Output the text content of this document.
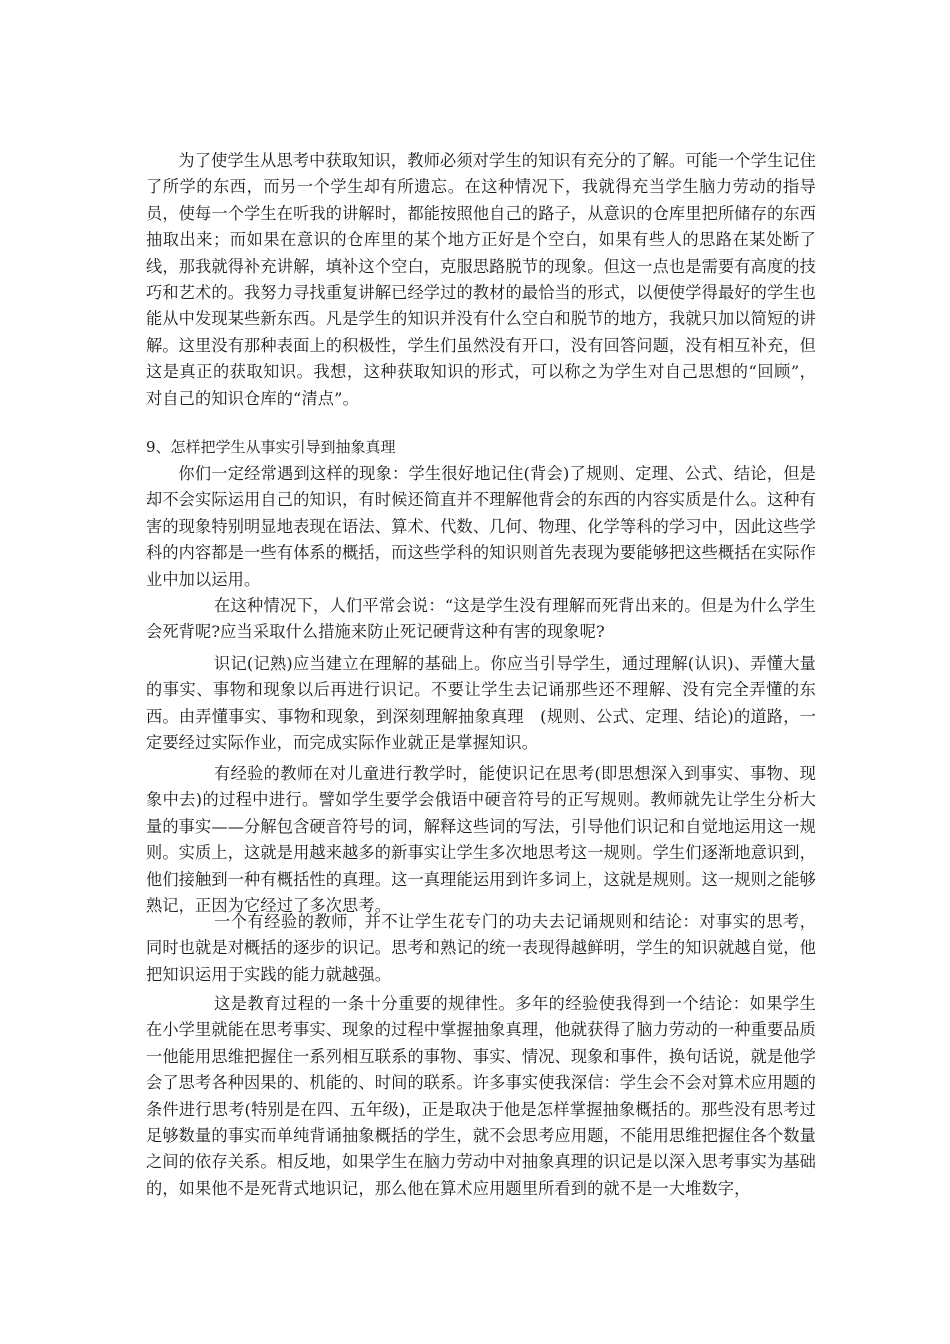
为了使学生从思考中获取知识，教师必须对学生的知识有充分的了解。可能一个学生记住了所学的东西，而另一个学生却有所遗忘。在这种情况下，我就得充当学生脑力劳动的指导员，使每一个学生在听我的讲解时，都能按照他自己的路子，从意识的仓库里把所储存的东西抽取出来；而如果在意识的仓库里的某个地方正好是个空白，如果有些人的思路在某处断了线，那我就得补充讲解，填补这个空白，克服思路脱节的现象。但这一点也是需要有高度的技巧和艺术的。我努力寻找重复讲解已经学过的教材的最恰当的形式，以便使学得最好的学生也能从中发现某些新东西。凡是学生的知识并没有什么空白和脱节的地方，我就只加以简短的讲解。这里没有那种表面上的积极性，学生们虽然没有开口，没有回答问题，没有相互补充，但这是真正的获取知识。我想，这种获取知识的形式，可以称之为学生对自己思想的“回顾”，对自己的知识仓库的“清点”。

9、怎样把学生从事实引导到抽象真理

你们一定经常遇到这样的现象：学生很好地记住(背会)了规则、定理、公式、结论，但是却不会实际运用自己的知识，有时候还简直并不理解他背会的东西的内容实质是什么。这种有害的现象特别明显地表现在语法、算术、代数、几何、物理、化学等科的学习中，因此这些学科的内容都是一些有体系的概括，而这些学科的知识则首先表现为要能够把这些概括在实际作业中加以运用。

在这种情况下，人们平常会说：“这是学生没有理解而死背出来的。但是为什么学生会死背呢?应当采取什么措施来防止死记硬背这种有害的现象呢?

识记(记熟)应当建立在理解的基础上。你应当引导学生，通过理解(认识)、弄懂大量的事实、事物和现象以后再进行识记。不要让学生去记诵那些还不理解、没有完全弄懂的东西。由弄懂事实、事物和现象，到深刻理解抽象真理　(规则、公式、定理、结论)的道路，一定要经过实际作业，而完成实际作业就正是掌握知识。

有经验的教师在对儿童进行教学时，能使识记在思考(即思想深入到事实、事物、现象中去)的过程中进行。譬如学生要学会俄语中硬音符号的正写规则。教师就先让学生分析大量的事实——分解包含硬音符号的词，解释这些词的写法，引导他们识记和自觉地运用这一规则。实质上，这就是用越来越多的新事实让学生多次地思考这一规则。学生们逐渐地意识到，他们接触到一种有概括性的真理。这一真理能运用到许多词上，这就是规则。这一规则之能够熟记，正因为它经过了多次思考。

一个有经验的教师，并不让学生花专门的功夫去记诵规则和结论：对事实的思考，同时也就是对概括的逐步的识记。思考和熟记的统一表现得越鲜明，学生的知识就越自觉，他把知识运用于实践的能力就越强。

这是教育过程的一条十分重要的规律性。多年的经验使我得到一个结论：如果学生在小学里就能在思考事实、现象的过程中掌握抽象真理，他就获得了脑力劳动的一种重要品质一他能用思维把握住一系列相互联系的事物、事实、情况、现象和事件，换句话说，就是他学会了思考各种因果的、机能的、时间的联系。许多事实使我深信：学生会不会对算术应用题的条件进行思考(特别是在四、五年级)，正是取决于他是怎样掌握抽象概括的。那些没有思考过足够数量的事实而单纯背诵抽象概括的学生，就不会思考应用题，不能用思维把握住各个数量之间的依存关系。相反地，如果学生在脑力劳动中对抽象真理的识记是以深入思考事实为基础的，如果他不是死背式地识记，那么他在算术应用题里所看到的就不是一大堆数字，
